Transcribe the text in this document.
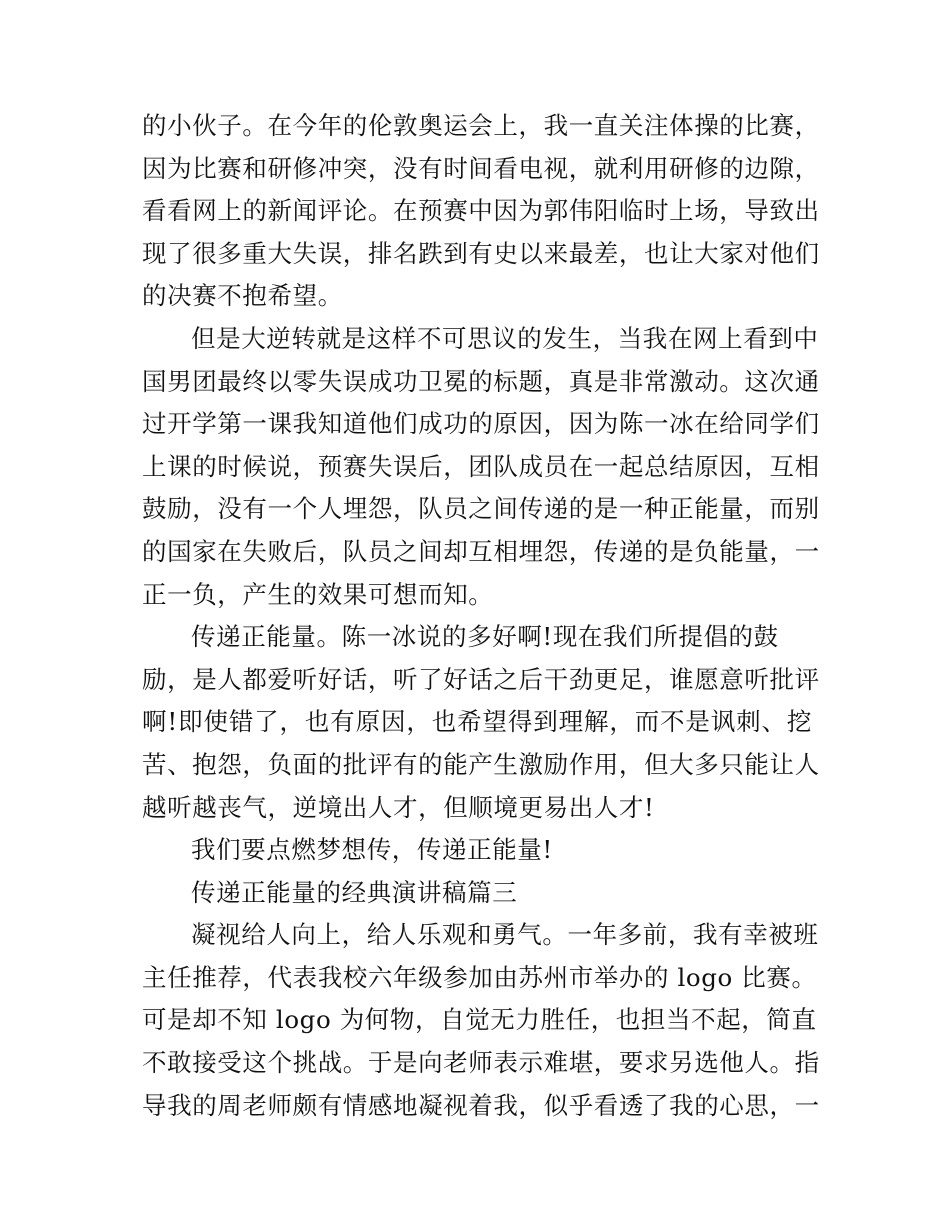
的小伙子。在今年的伦敦奥运会上，我一直关注体操的比赛，
因为比赛和研修冲突，没有时间看电视，就利用研修的边隙，
看看网上的新闻评论。在预赛中因为郭伟阳临时上场，导致出
现了很多重大失误，排名跌到有史以来最差，也让大家对他们
的决赛不抱希望。
但是大逆转就是这样不可思议的发生，当我在网上看到中
国男团最终以零失误成功卫冕的标题，真是非常激动。这次通
过开学第一课我知道他们成功的原因，因为陈一冰在给同学们
上课的时候说，预赛失误后，团队成员在一起总结原因，互相
鼓励，没有一个人埋怨，队员之间传递的是一种正能量，而别
的国家在失败后，队员之间却互相埋怨，传递的是负能量，一
正一负，产生的效果可想而知。
传递正能量。陈一冰说的多好啊!现在我们所提倡的鼓
励，是人都爱听好话，听了好话之后干劲更足，谁愿意听批评
啊!即使错了，也有原因，也希望得到理解，而不是讽刺、挖
苦、抱怨，负面的批评有的能产生激励作用，但大多只能让人
越听越丧气，逆境出人才，但顺境更易出人才!
我们要点燃梦想传，传递正能量!
传递正能量的经典演讲稿篇三
凝视给人向上，给人乐观和勇气。一年多前，我有幸被班
主任推荐，代表我校六年级参加由苏州市举办的 logo 比赛。
可是却不知 logo 为何物，自觉无力胜任，也担当不起，简直
不敢接受这个挑战。于是向老师表示难堪，要求另选他人。指
导我的周老师颇有情感地凝视着我，似乎看透了我的心思，一
